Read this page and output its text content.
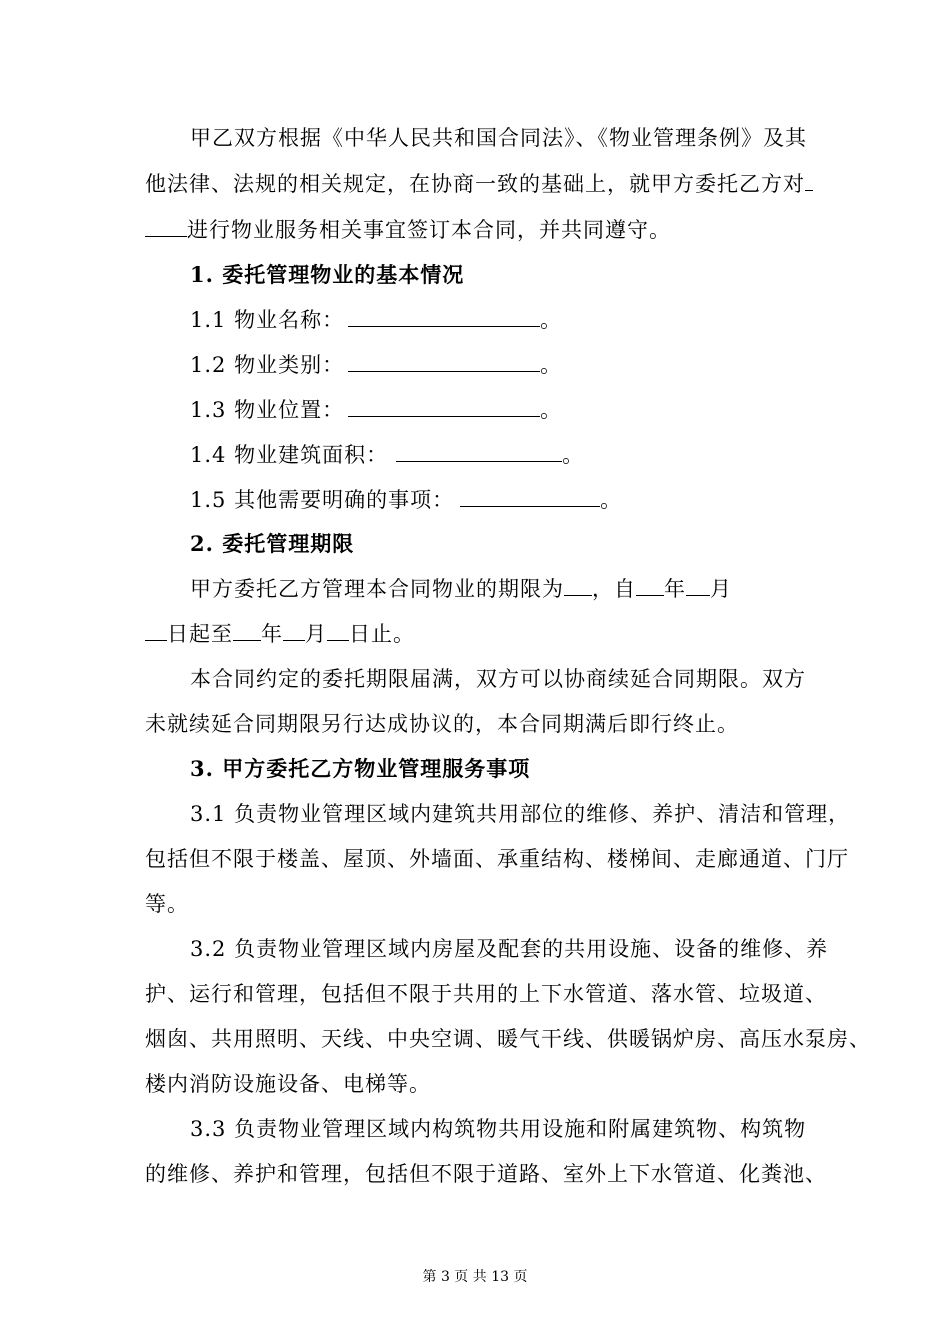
甲乙双方根据《中华人民共和国合同法》、《物业管理条例》及其
他法律、法规的相关规定，在协商一致的基础上，就甲方委托乙方对
进行物业服务相关事宜签订本合同，并共同遵守。
1. 委托管理物业的基本情况
1.1 物业名称：	。
1.2 物业类别：	。
1.3 物业位置：	。
1.4 物业建筑面积：	。
1.5 其他需要明确的事项：	。
2. 委托管理期限
甲方委托乙方管理本合同物业的期限为 ，自 年 月
日起至 年 月 日止。
本合同约定的委托期限届满，双方可以协商续延合同期限。双方
未就续延合同期限另行达成协议的，本合同期满后即行终止。
3. 甲方委托乙方物业管理服务事项
3.1 负责物业管理区域内建筑共用部位的维修、养护、清洁和管理，
包括但不限于楼盖、屋顶、外墙面、承重结构、楼梯间、走廊通道、门厅
等。
3.2 负责物业管理区域内房屋及配套的共用设施、设备的维修、养
护、运行和管理，包括但不限于共用的上下水管道、落水管、垃圾道、
烟囱、共用照明、天线、中央空调、暖气干线、供暖锅炉房、高压水泵房、
楼内消防设施设备、电梯等。
3.3 负责物业管理区域内构筑物共用设施和附属建筑物、构筑物
的维修、养护和管理，包括但不限于道路、室外上下水管道、化粪池、
第 3 页 共 13 页
